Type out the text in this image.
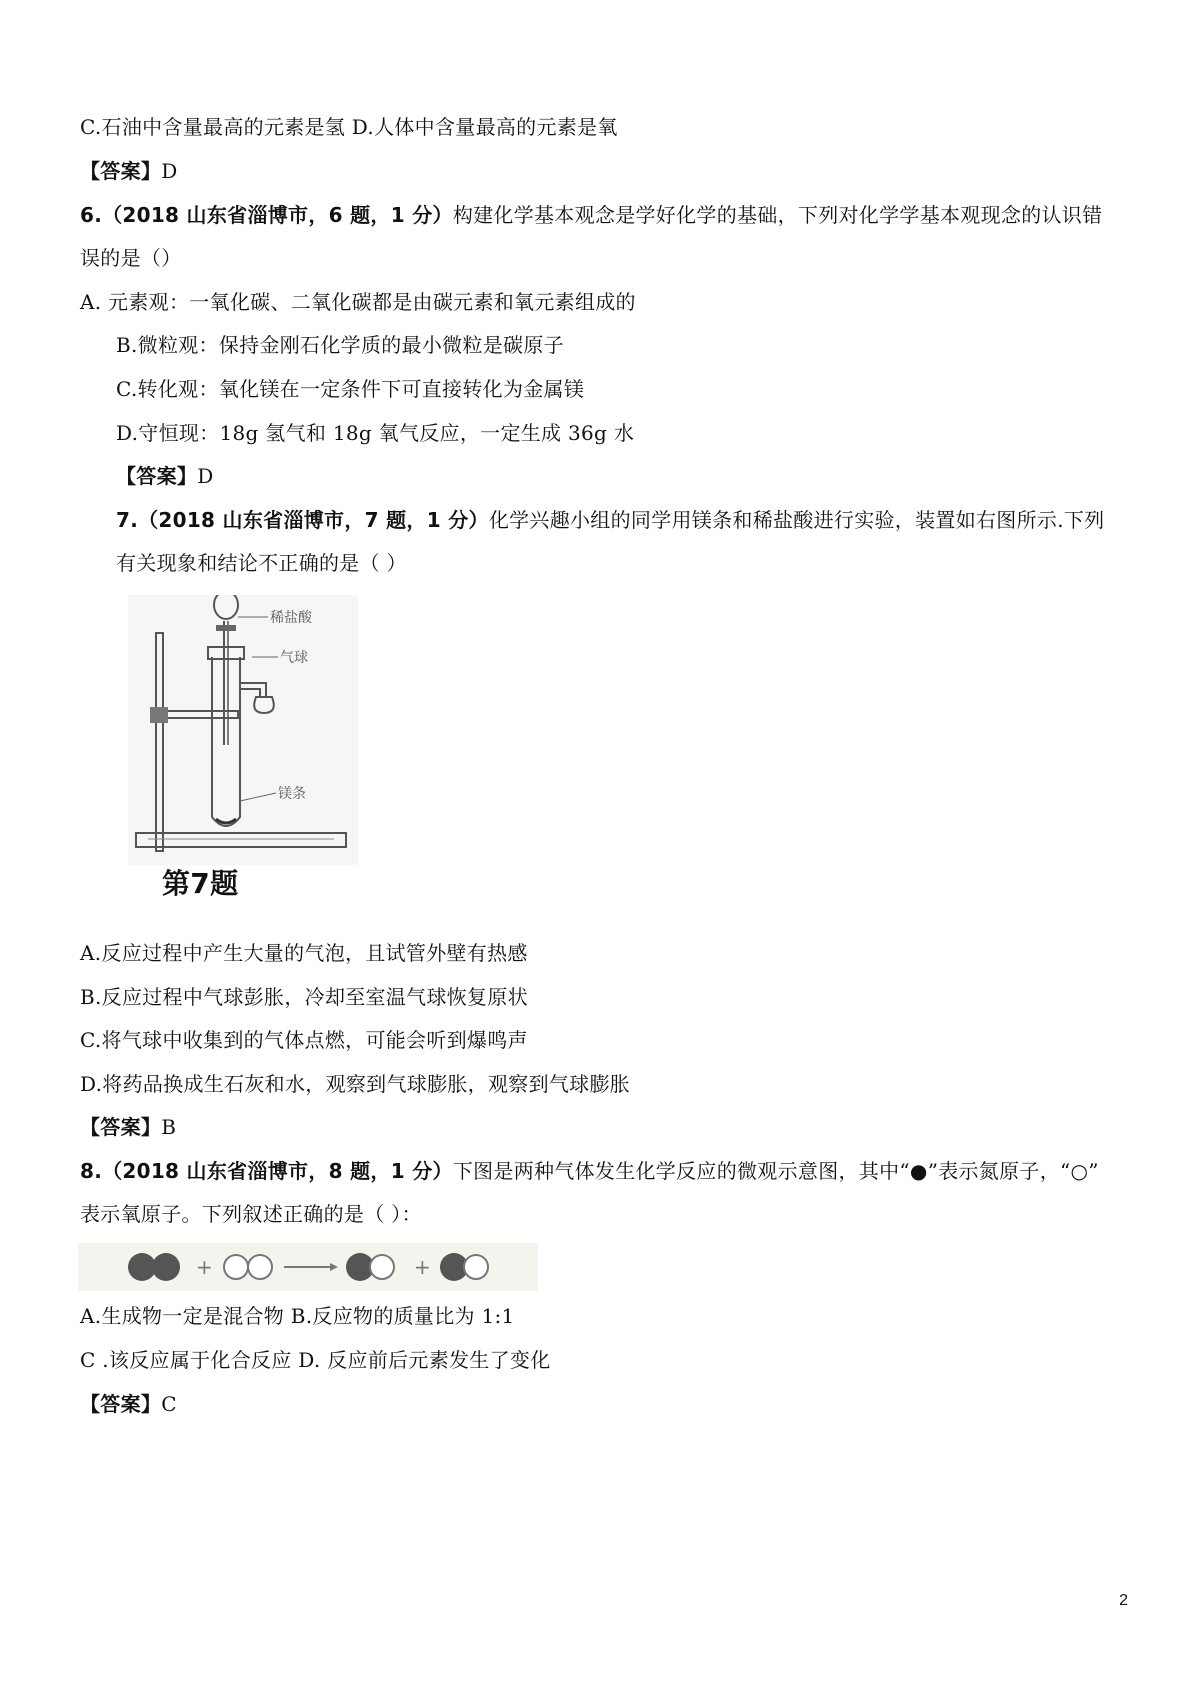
C.石油中含量最高的元素是氢 D.人体中含量最高的元素是氧
【答案】D
6.（2018 山东省淄博市，6 题，1 分）构建化学基本观念是学好化学的基础，下列对化学学基本观现念的认识错
误的是（）
A. 元素观：一氧化碳、二氧化碳都是由碳元素和氧元素组成的
B.微粒观：保持金刚石化学质的最小微粒是碳原子
C.转化观：氧化镁在一定条件下可直接转化为金属镁
D.守恒现：18g 氢气和 18g 氧气反应，一定生成 36g 水
【答案】D
7.（2018 山东省淄博市，7 题，1 分）化学兴趣小组的同学用镁条和稀盐酸进行实验，装置如右图所示.下列
有关现象和结论不正确的是（ ）
稀盐酸
气球
镁条
第7题
A.反应过程中产生大量的气泡，且试管外壁有热感
B.反应过程中气球彭胀，冷却至室温气球恢复原状
C.将气球中收集到的气体点燃，可能会听到爆鸣声
D.将药品换成生石灰和水，观察到气球膨胀，观察到气球膨胀
【答案】B
8.（2018 山东省淄博市，8 题，1 分）下图是两种气体发生化学反应的微观示意图，其中“●”表示氮原子，“○”
表示氧原子。下列叙述正确的是（ ）：
+	+
A.生成物一定是混合物 B.反应物的质量比为 1:1
C .该反应属于化合反应 D. 反应前后元素发生了变化
【答案】C
2
